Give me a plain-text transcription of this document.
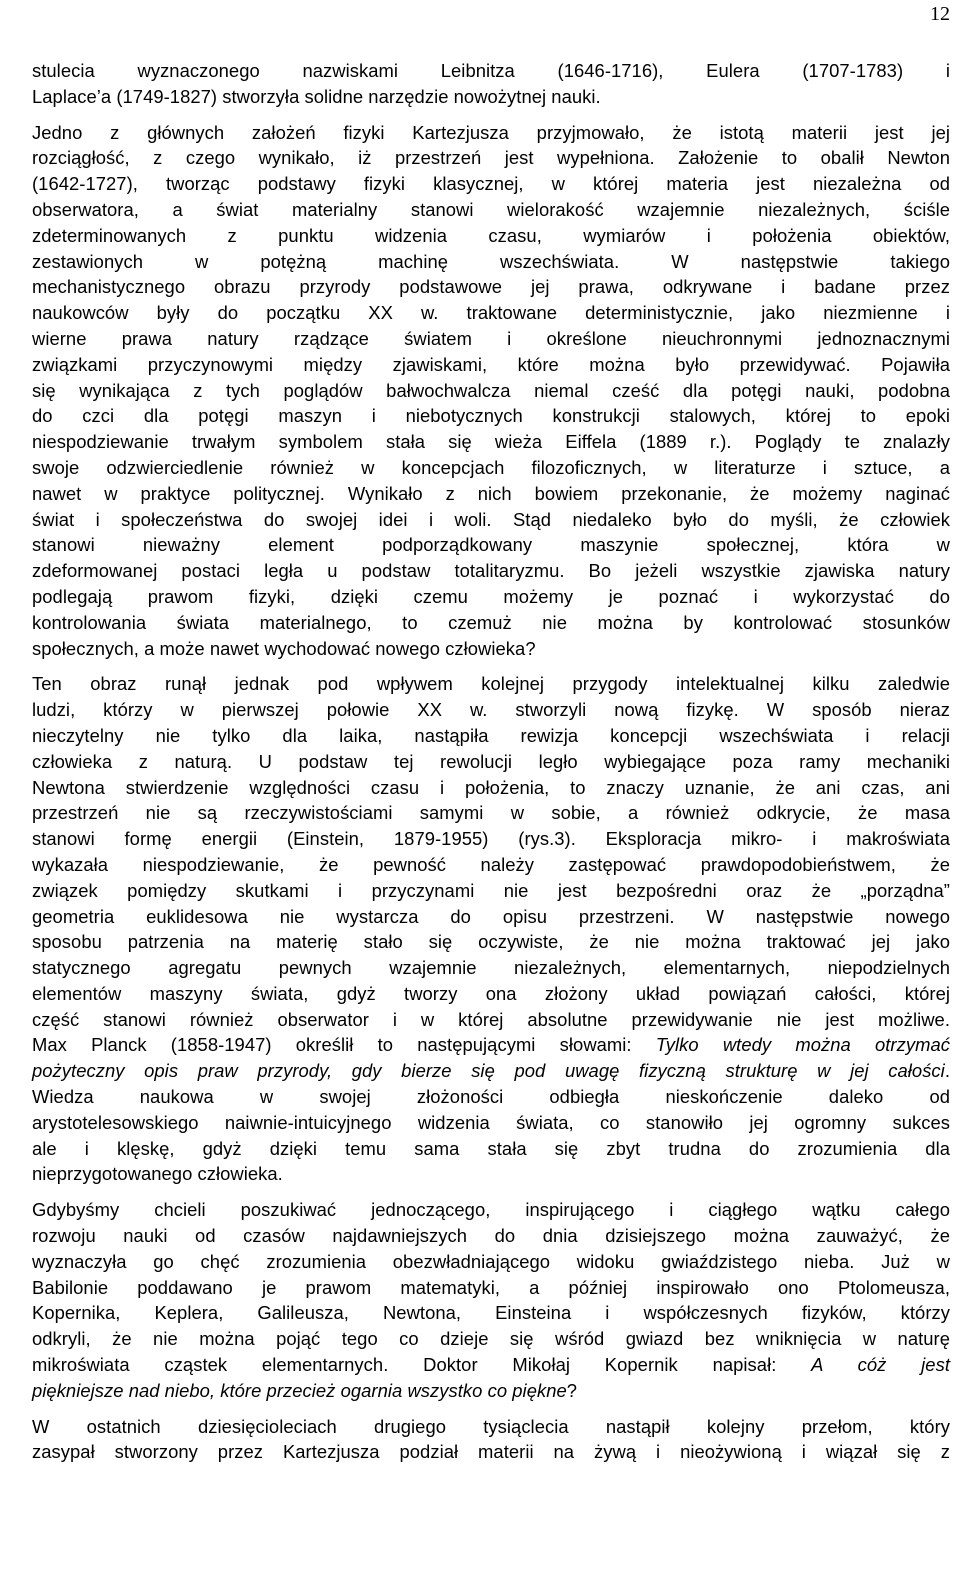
12
stulecia wyznaczonego nazwiskami Leibnitza (1646-1716), Eulera (1707-1783) i
Laplace’a (1749-1827) stworzyła solidne narzędzie nowożytnej nauki.
Jedno z głównych założeń fizyki Kartezjusza przyjmowało, że istotą materii jest jej
rozciągłość, z czego wynikało, iż przestrzeń jest wypełniona. Założenie to obalił Newton
(1642-1727), tworząc podstawy fizyki klasycznej, w której materia jest niezależna od
obserwatora, a świat materialny stanowi wielorakość wzajemnie niezależnych, ściśle
zdeterminowanych z punktu widzenia czasu, wymiarów i położenia obiektów,
zestawionych w potężną machinę wszechświata. W następstwie takiego
mechanistycznego obrazu przyrody podstawowe jej prawa, odkrywane i badane przez
naukowców były do początku XX w. traktowane deterministycznie, jako niezmienne i
wierne prawa natury rządzące światem i określone nieuchronnymi jednoznacznymi
związkami przyczynowymi między zjawiskami, które można było przewidywać. Pojawiła
się wynikająca z tych poglądów bałwochwalcza niemal cześć dla potęgi nauki, podobna
do czci dla potęgi maszyn i niebotycznych konstrukcji stalowych, której to epoki
niespodziewanie trwałym symbolem stała się wieża Eiffela (1889 r.). Poglądy te znalazły
swoje odzwierciedlenie również w koncepcjach filozoficznych, w literaturze i sztuce, a
nawet w praktyce politycznej. Wynikało z nich bowiem przekonanie, że możemy naginać
świat i społeczeństwa do swojej idei i woli. Stąd niedaleko było do myśli, że człowiek
stanowi nieważny element podporządkowany maszynie społecznej, która w
zdeformowanej postaci legła u podstaw totalitaryzmu. Bo jeżeli wszystkie zjawiska natury
podlegają prawom fizyki, dzięki czemu możemy je poznać i wykorzystać do
kontrolowania świata materialnego, to czemuż nie można by kontrolować stosunków
społecznych, a może nawet wychodować nowego człowieka?
Ten obraz runął jednak pod wpływem kolejnej przygody intelektualnej kilku zaledwie
ludzi, którzy w pierwszej połowie XX w. stworzyli nową fizykę. W sposób nieraz
nieczytelny nie tylko dla laika, nastąpiła rewizja koncepcji wszechświata i relacji
człowieka z naturą. U podstaw tej rewolucji legło wybiegające poza ramy mechaniki
Newtona stwierdzenie względności czasu i położenia, to znaczy uznanie, że ani czas, ani
przestrzeń nie są rzeczywistościami samymi w sobie, a również odkrycie, że masa
stanowi formę energii (Einstein, 1879-1955) (rys.3). Eksploracja mikro- i makroświata
wykazała niespodziewanie, że pewność należy zastępować prawdopodobieństwem, że
związek pomiędzy skutkami i przyczynami nie jest bezpośredni oraz że „porządna”
geometria euklidesowa nie wystarcza do opisu przestrzeni. W następstwie nowego
sposobu patrzenia na materię stało się oczywiste, że nie można traktować jej jako
statycznego agregatu pewnych wzajemnie niezależnych, elementarnych, niepodzielnych
elementów maszyny świata, gdyż tworzy ona złożony układ powiązań całości, której
część stanowi również obserwator i w której absolutne przewidywanie nie jest możliwe.
Max Planck (1858-1947) określił to następującymi słowami: Tylko wtedy można otrzymać
pożyteczny opis praw przyrody, gdy bierze się pod uwagę fizyczną strukturę w jej całości.
Wiedza naukowa w swojej złożoności odbiegła nieskończenie daleko od
arystotelesowskiego naiwnie-intuicyjnego widzenia świata, co stanowiło jej ogromny sukces
ale i klęskę, gdyż dzięki temu sama stała się zbyt trudna do zrozumienia dla
nieprzygotowanego człowieka.
Gdybyśmy chcieli poszukiwać jednoczącego, inspirującego i ciągłego wątku całego
rozwoju nauki od czasów najdawniejszych do dnia dzisiejszego można zauważyć, że
wyznaczyła go chęć zrozumienia obezwładniającego widoku gwiaździstego nieba. Już w
Babilonie poddawano je prawom matematyki, a później inspirowało ono Ptolomeusza,
Kopernika, Keplera, Galileusza, Newtona, Einsteina i współczesnych fizyków, którzy
odkryli, że nie można pojąć tego co dzieje się wśród gwiazd bez wniknięcia w naturę
mikroświata cząstek elementarnych. Doktor Mikołaj Kopernik napisał: A cóż jest
piękniejsze nad niebo, które przecież ogarnia wszystko co piękne?
W ostatnich dziesięcioleciach drugiego tysiąclecia nastąpił kolejny przełom, który
zasypał stworzony przez Kartezjusza podział materii na żywą i nieożywioną i wiązał się z
